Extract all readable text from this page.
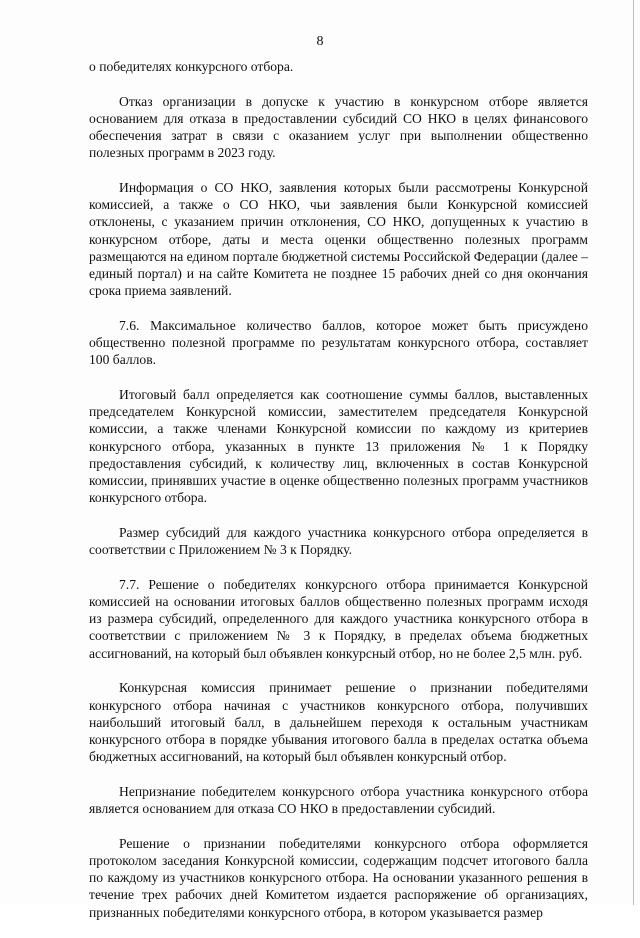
8

о победителях конкурсного отбора.

Отказ организации в допуске к участию в конкурсном отборе является основанием для отказа в предоставлении субсидий СО НКО в целях финансового обеспечения затрат в связи с оказанием услуг при выполнении общественно полезных программ в 2023 году.

Информация о СО НКО, заявления которых были рассмотрены Конкурсной комиссией, а также о СО НКО, чьи заявления были Конкурсной комиссией отклонены, с указанием причин отклонения, СО НКО, допущенных к участию в конкурсном отборе, даты и места оценки общественно полезных программ размещаются на едином портале бюджетной системы Российской Федерации (далее – единый портал) и на сайте Комитета не позднее 15 рабочих дней со дня окончания срока приема заявлений.

7.6. Максимальное количество баллов, которое может быть присуждено общественно полезной программе по результатам конкурсного отбора, составляет 100 баллов.

Итоговый балл определяется как соотношение суммы баллов, выставленных председателем Конкурсной комиссии, заместителем председателя Конкурсной комиссии, а также членами Конкурсной комиссии по каждому из критериев конкурсного отбора, указанных в пункте 13 приложения № 1 к Порядку предоставления субсидий, к количеству лиц, включенных в состав Конкурсной комиссии, принявших участие в оценке общественно полезных программ участников конкурсного отбора.

Размер субсидий для каждого участника конкурсного отбора определяется в соответствии с Приложением № 3 к Порядку.

7.7. Решение о победителях конкурсного отбора принимается Конкурсной комиссией на основании итоговых баллов общественно полезных программ исходя из размера субсидий, определенного для каждого участника конкурсного отбора в соответствии с приложением № 3 к Порядку, в пределах объема бюджетных ассигнований, на который был объявлен конкурсный отбор, но не более 2,5 млн. руб.

Конкурсная комиссия принимает решение о признании победителями конкурсного отбора начиная с участников конкурсного отбора, получивших наибольший итоговый балл, в дальнейшем переходя к остальным участникам конкурсного отбора в порядке убывания итогового балла в пределах остатка объема бюджетных ассигнований, на который был объявлен конкурсный отбор.

Непризнание победителем конкурсного отбора участника конкурсного отбора является основанием для отказа СО НКО в предоставлении субсидий.

Решение о признании победителями конкурсного отбора оформляется протоколом заседания Конкурсной комиссии, содержащим подсчет итогового балла по каждому из участников конкурсного отбора. На основании указанного решения в течение трех рабочих дней Комитетом издается распоряжение об организациях, признанных победителями конкурсного отбора, в котором указывается размер
